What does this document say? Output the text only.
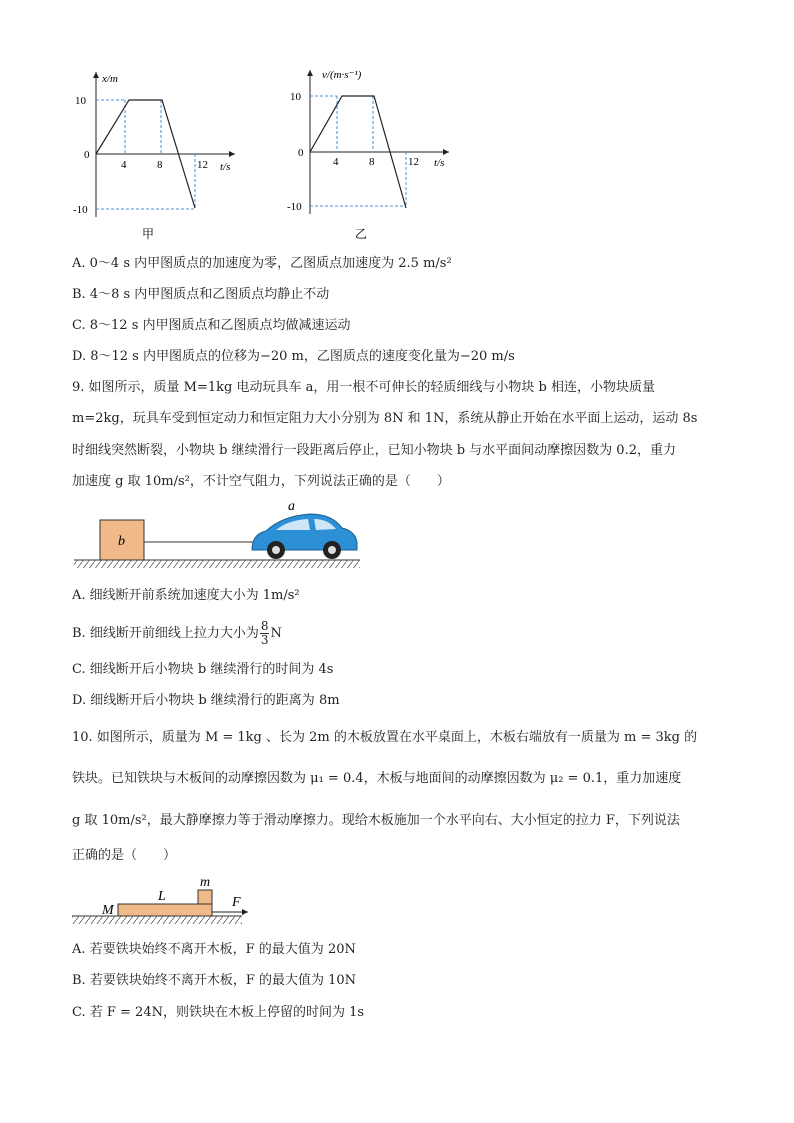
x/m
t/s
10
0
-10
4	8	12
甲
v/(m·s⁻¹)
t/s
10
0
-10
4	8	12
乙
A. 0～4 s 内甲图质点的加速度为零，乙图质点加速度为 2.5 m/s²
B. 4～8 s 内甲图质点和乙图质点均静止不动
C. 8～12 s 内甲图质点和乙图质点均做减速运动
D. 8～12 s 内甲图质点的位移为−20 m，乙图质点的速度变化量为−20 m/s
9. 如图所示，质量 M=1kg 电动玩具车 a，用一根不可伸长的轻质细线与小物块 b 相连，小物块质量
m=2kg，玩具车受到恒定动力和恒定阻力大小分别为 8N 和 1N，系统从静止开始在水平面上运动，运动 8s
时细线突然断裂，小物块 b 继续滑行一段距离后停止，已知小物块 b 与水平面间动摩擦因数为 0.2，重力
加速度 g 取 10m/s²，不计空气阻力，下列说法正确的是（　　）
b
a
A. 细线断开前系统加速度大小为 1m/s²
B. 细线断开前细线上拉力大小为 $\frac{8}{3}$ N
C. 细线断开后小物块 b 继续滑行的时间为 4s
D. 细线断开后小物块 b 继续滑行的距离为 8m
10. 如图所示，质量为 M = 1kg 、长为 2m 的木板放置在水平桌面上，木板右端放有一质量为 m = 3kg 的
铁块。已知铁块与木板间的动摩擦因数为 μ₁ = 0.4，木板与地面间的动摩擦因数为 μ₂ = 0.1，重力加速度
g 取 10m/s²，最大静摩擦力等于滑动摩擦力。现给木板施加一个水平向右、大小恒定的拉力 F，下列说法
正确的是（　　）
M
L
m
F
A. 若要铁块始终不离开木板，F 的最大值为 20N
B. 若要铁块始终不离开木板，F 的最大值为 10N
C. 若 F = 24N，则铁块在木板上停留的时间为 1s
